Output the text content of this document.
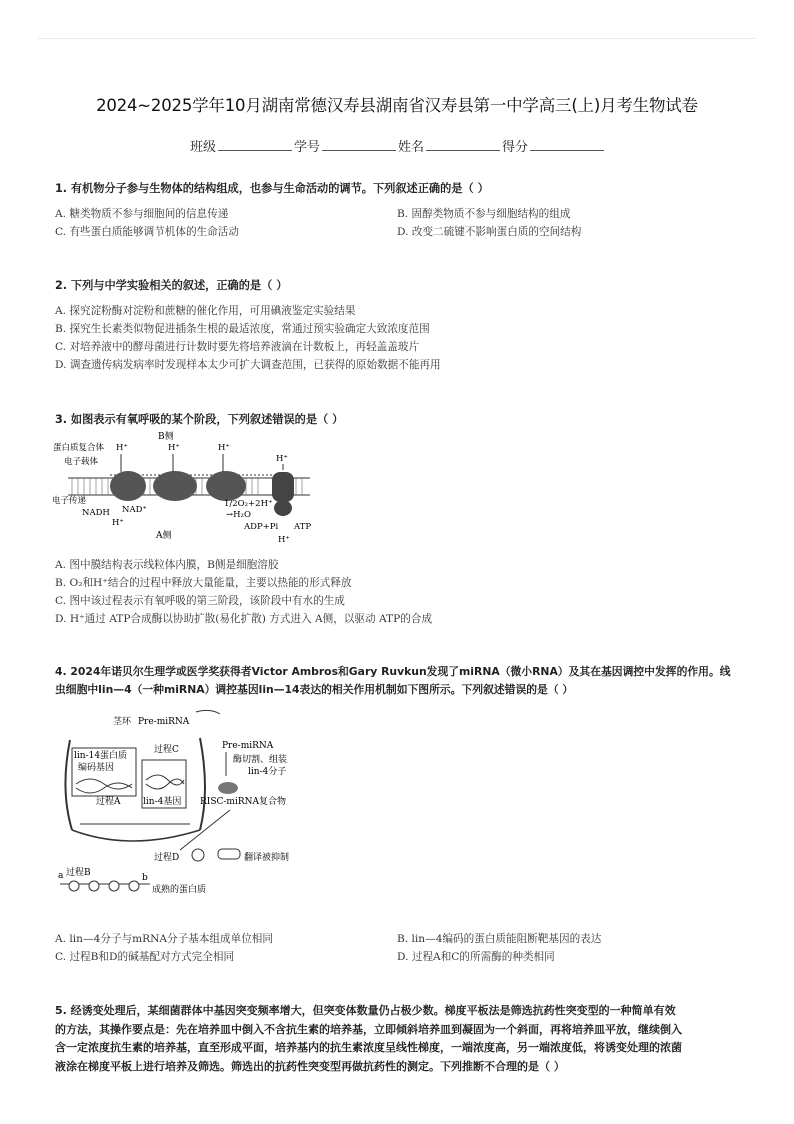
2024~2025学年10月湖南常德汉寿县湖南省汉寿县第一中学高三(上)月考生物试卷
班级	学号	姓名	得分
1. 有机物分子参与生物体的结构组成，也参与生命活动的调节。下列叙述正确的是（ ）
A. 糖类物质不参与细胞间的信息传递	B. 固醇类物质不参与细胞结构的组成
C. 有些蛋白质能够调节机体的生命活动	D. 改变二硫键不影响蛋白质的空间结构
2. 下列与中学实验相关的叙述，正确的是（ ）
A. 探究淀粉酶对淀粉和蔗糖的催化作用，可用碘液鉴定实验结果
B. 探究生长素类似物促进插条生根的最适浓度，常通过预实验确定大致浓度范围
C. 对培养液中的酵母菌进行计数时要先将培养液滴在计数板上，再轻盖盖玻片
D. 调查遗传病发病率时发现样本太少可扩大调查范围，已获得的原始数据不能再用
3. 如图表示有氧呼吸的某个阶段，下列叙述错误的是（ ）
B侧
蛋白质复合体 H⁺	H⁺	H⁺
H⁺
电子载体
电子传递
NADH NAD⁺
H⁺
1/2O₂+2H⁺
→H₂O
ADP+Pi ATP
H⁺
A侧
A. 图中膜结构表示线粒体内膜，B侧是细胞溶胶
B. O₂和H⁺结合的过程中释放大量能量，主要以热能的形式释放
C. 图中该过程表示有氧呼吸的第三阶段，该阶段中有水的生成
D. H⁺通过 ATP合成酶以协助扩散(易化扩散) 方式进入 A侧，以驱动 ATP的合成
4. 2024年诺贝尔生理学或医学奖获得者Victor Ambros和Gary Ruvkun发现了miRNA（微小RNA）及其在基因调控中发挥的作用。线
虫细胞中lin—4（一种miRNA）调控基因lin—14表达的相关作用机制如下图所示。下列叙述错误的是（ ）
茎环 Pre-miRNA
Pre-miRNA
lin-14蛋白质
编码基因
过程C
lin-4基因
过程A
酶切割、组装
lin-4分子
RISC-miRNA复合物
过程D	翻译被抑制
a 过程B	b
成熟的蛋白质
A. lin—4分子与mRNA分子基本组成单位相同	B. lin—4编码的蛋白质能阻断靶基因的表达
C. 过程B和D的碱基配对方式完全相同	D. 过程A和C的所需酶的种类相同
5. 经诱变处理后，某细菌群体中基因突变频率增大，但突变体数量仍占极少数。梯度平板法是筛选抗药性突变型的一种简单有效
的方法，其操作要点是：先在培养皿中倒入不含抗生素的培养基，立即倾斜培养皿到凝固为一个斜面，再将培养皿平放，继续倒入
含一定浓度抗生素的培养基，直至形成平面，培养基内的抗生素浓度呈线性梯度，一端浓度高，另一端浓度低，将诱变处理的浓菌
液涂在梯度平板上进行培养及筛选。筛选出的抗药性突变型再做抗药性的测定。下列推断不合理的是（ ）
